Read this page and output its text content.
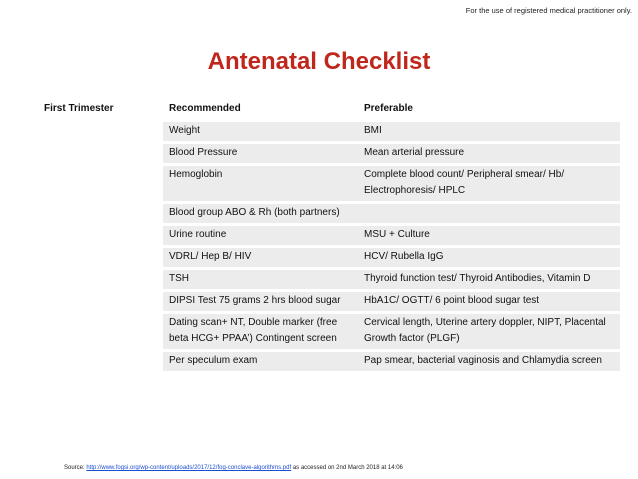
For the use of registered medical practitioner only.
Antenatal Checklist
First Trimester	Recommended	Preferable
	Weight	BMI
	Blood Pressure	Mean arterial pressure
	Hemoglobin	Complete blood count/ Peripheral smear/ Hb/ Electrophoresis/ HPLC
	Blood group ABO & Rh (both partners)	
	Urine routine	MSU + Culture
	VDRL/ Hep B/ HIV	HCV/ Rubella IgG
	TSH	Thyroid function test/ Thyroid Antibodies, Vitamin D
	DIPSI Test 75 grams 2 hrs blood sugar	HbA1C/ OGTT/ 6 point blood sugar test
	Dating scan+ NT, Double marker (free beta HCG+ PPAA’) Contingent screen	Cervical length, Uterine artery doppler, NIPT, Placental Growth factor (PLGF)
	Per speculum exam	Pap smear, bacterial vaginosis and Chlamydia screen
Source: http://www.fogsi.org/wp-content/uploads/2017/12/fog-conclave-algorithms.pdf as accessed on 2nd March 2018 at 14:06
